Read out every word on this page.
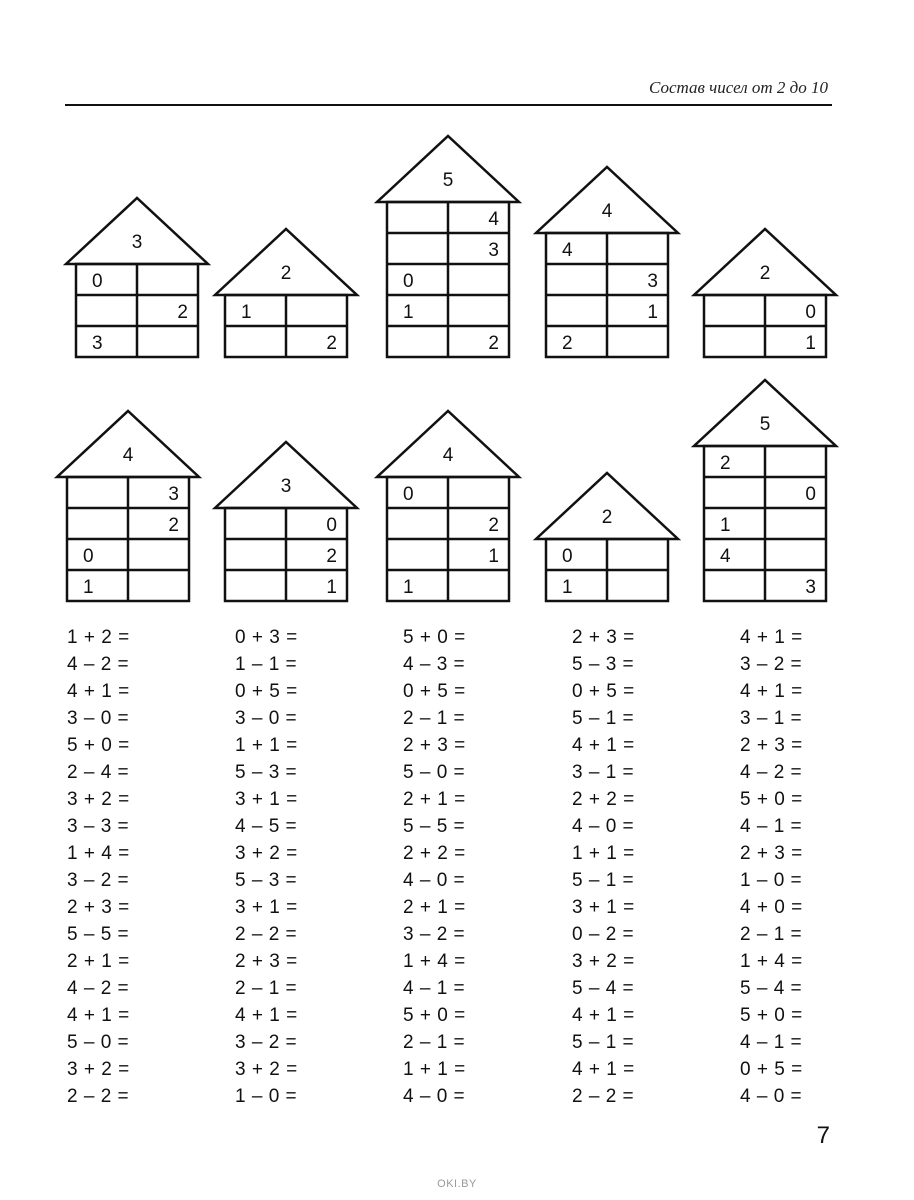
Состав чисел от 2 до 10
3
0
2
3
2
1
2
5
4
3
0
1
2
4
4
3
1
2
2
0
1
4
3
2
0
1
3
0
2
1
4
0
2
1
1
2
0
1
5
2
0
1
4
3
1 + 2 =
4 – 2 =
4 + 1 =
3 – 0 =
5 + 0 =
2 – 4 =
3 + 2 =
3 – 3 =
1 + 4 =
3 – 2 =
2 + 3 =
5 – 5 =
2 + 1 =
4 – 2 =
4 + 1 =
5 – 0 =
3 + 2 =
2 – 2 =
0 + 3 =
1 – 1 =
0 + 5 =
3 – 0 =
1 + 1 =
5 – 3 =
3 + 1 =
4 – 5 =
3 + 2 =
5 – 3 =
3 + 1 =
2 – 2 =
2 + 3 =
2 – 1 =
4 + 1 =
3 – 2 =
3 + 2 =
1 – 0 =
5 + 0 =
4 – 3 =
0 + 5 =
2 – 1 =
2 + 3 =
5 – 0 =
2 + 1 =
5 – 5 =
2 + 2 =
4 – 0 =
2 + 1 =
3 – 2 =
1 + 4 =
4 – 1 =
5 + 0 =
2 – 1 =
1 + 1 =
4 – 0 =
2 + 3 =
5 – 3 =
0 + 5 =
5 – 1 =
4 + 1 =
3 – 1 =
2 + 2 =
4 – 0 =
1 + 1 =
5 – 1 =
3 + 1 =
0 – 2 =
3 + 2 =
5 – 4 =
4 + 1 =
5 – 1 =
4 + 1 =
2 – 2 =
4 + 1 =
3 – 2 =
4 + 1 =
3 – 1 =
2 + 3 =
4 – 2 =
5 + 0 =
4 – 1 =
2 + 3 =
1 – 0 =
4 + 0 =
2 – 1 =
1 + 4 =
5 – 4 =
5 + 0 =
4 – 1 =
0 + 5 =
4 – 0 =
7
OKI.BY
